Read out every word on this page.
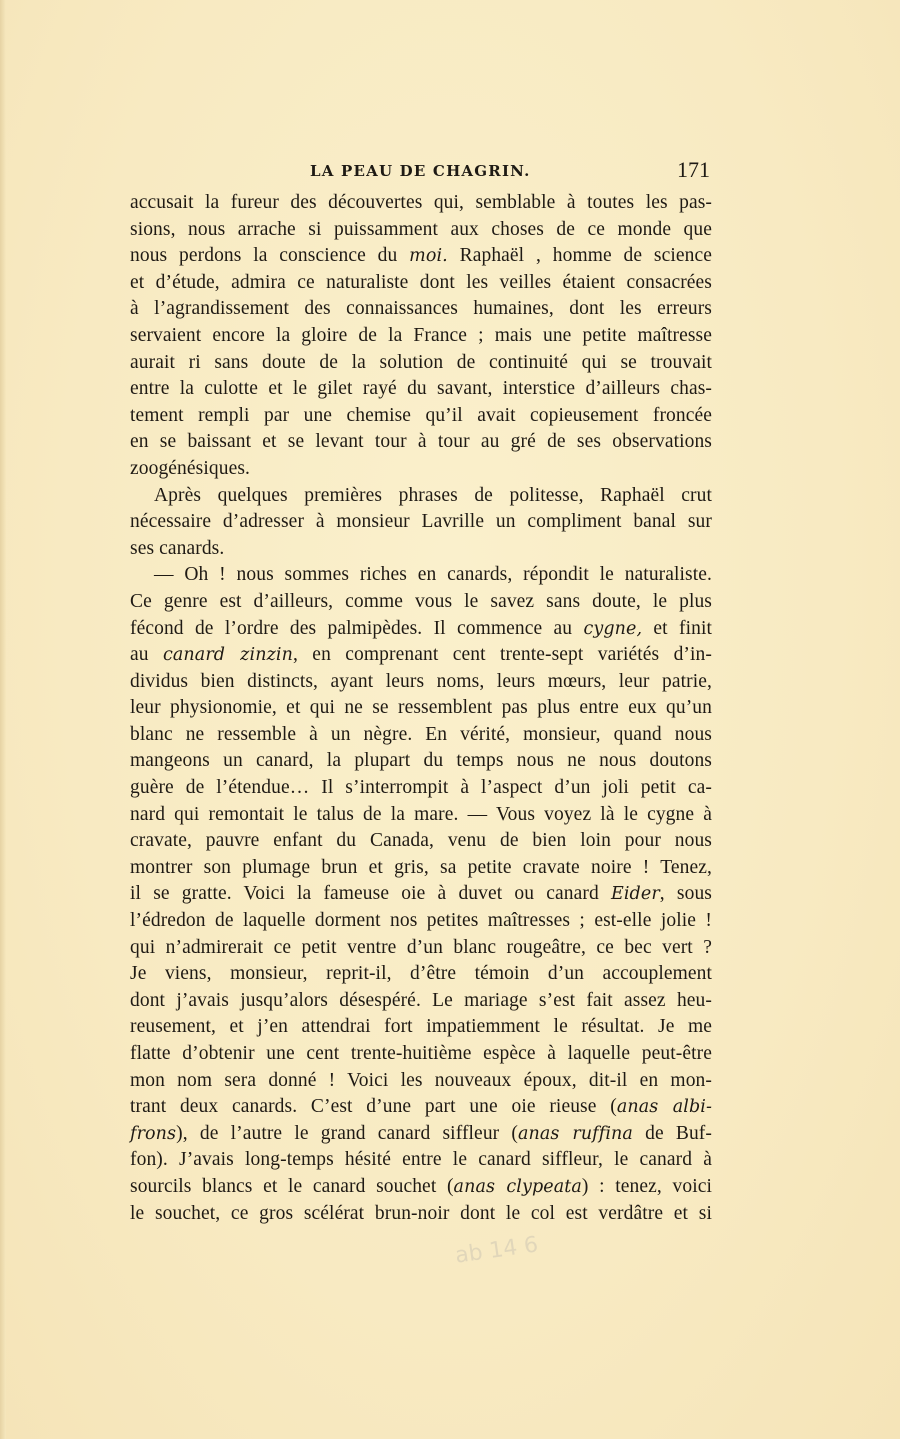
LA PEAU DE CHAGRIN.	171
accusait la fureur des découvertes qui, semblable à toutes les pas-
sions, nous arrache si puissamment aux choses de ce monde que
nous perdons la conscience du moi. Raphaël , homme de science
et d’étude, admira ce naturaliste dont les veilles étaient consacrées
à l’agrandissement des connaissances humaines, dont les erreurs
servaient encore la gloire de la France ; mais une petite maîtresse
aurait ri sans doute de la solution de continuité qui se trouvait
entre la culotte et le gilet rayé du savant, interstice d’ailleurs chas-
tement rempli par une chemise qu’il avait copieusement froncée
en se baissant et se levant tour à tour au gré de ses observations
zoogénésiques.
Après quelques premières phrases de politesse, Raphaël crut
nécessaire d’adresser à monsieur Lavrille un compliment banal sur
ses canards.
— Oh ! nous sommes riches en canards, répondit le naturaliste.
Ce genre est d’ailleurs, comme vous le savez sans doute, le plus
fécond de l’ordre des palmipèdes. Il commence au cygne, et finit
au canard zinzin, en comprenant cent trente-sept variétés d’in-
dividus bien distincts, ayant leurs noms, leurs mœurs, leur patrie,
leur physionomie, et qui ne se ressemblent pas plus entre eux qu’un
blanc ne ressemble à un nègre. En vérité, monsieur, quand nous
mangeons un canard, la plupart du temps nous ne nous doutons
guère de l’étendue… Il s’interrompit à l’aspect d’un joli petit ca-
nard qui remontait le talus de la mare. — Vous voyez là le cygne à
cravate, pauvre enfant du Canada, venu de bien loin pour nous
montrer son plumage brun et gris, sa petite cravate noire ! Tenez,
il se gratte. Voici la fameuse oie à duvet ou canard Eider, sous
l’édredon de laquelle dorment nos petites maîtresses ; est-elle jolie !
qui n’admirerait ce petit ventre d’un blanc rougeâtre, ce bec vert ?
Je viens, monsieur, reprit-il, d’être témoin d’un accouplement
dont j’avais jusqu’alors désespéré. Le mariage s’est fait assez heu-
reusement, et j’en attendrai fort impatiemment le résultat. Je me
flatte d’obtenir une cent trente-huitième espèce à laquelle peut-être
mon nom sera donné ! Voici les nouveaux époux, dit-il en mon-
trant deux canards. C’est d’une part une oie rieuse (anas albi-
frons), de l’autre le grand canard siffleur (anas ruffina de Buf-
fon). J’avais long-temps hésité entre le canard siffleur, le canard à
sourcils blancs et le canard souchet (anas clypeata) : tenez, voici
le souchet, ce gros scélérat brun-noir dont le col est verdâtre et si
ab 14 6
